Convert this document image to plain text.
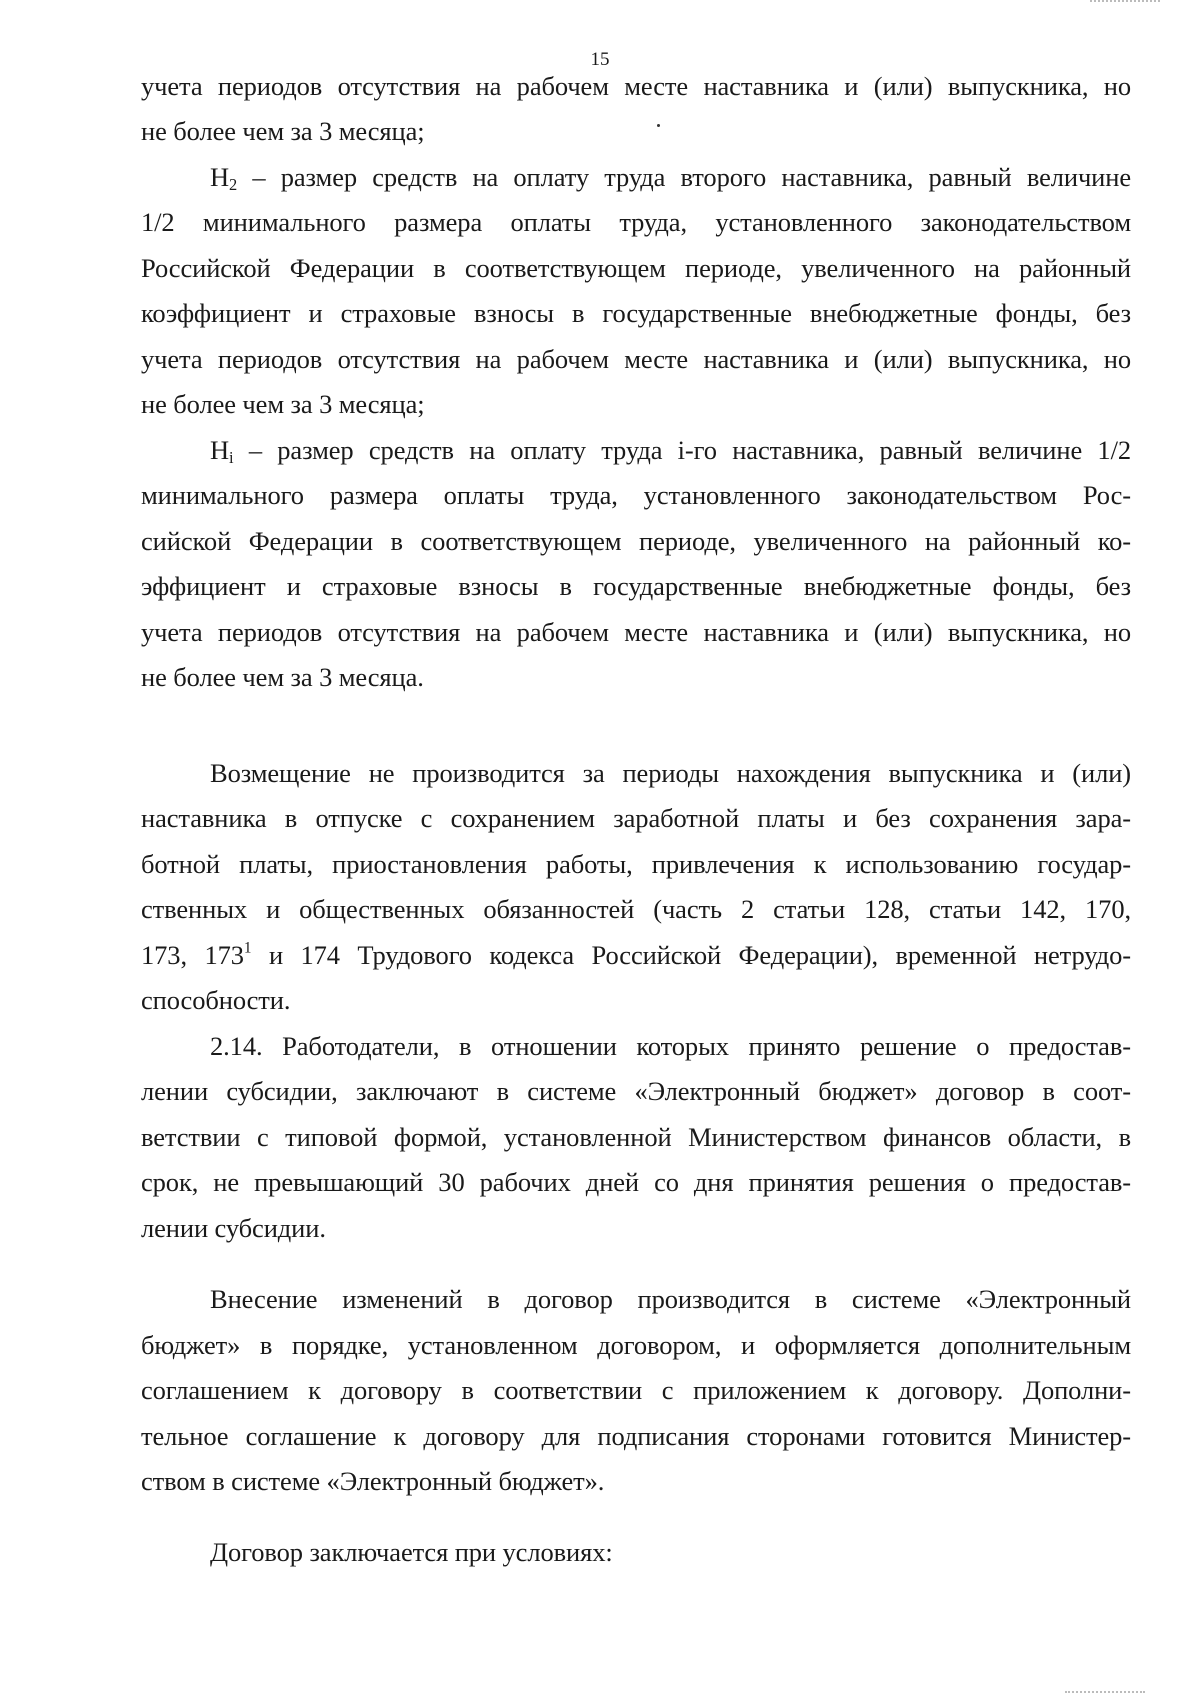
15
учета периодов отсутствия на рабочем месте наставника и (или) выпускника, но
не более чем за 3 месяца;
$Н_2$ – размер средств на оплату труда второго наставника, равный величине
1/2 минимального размера оплаты труда, установленного законодательством
Российской Федерации в соответствующем периоде, увеличенного на районный
коэффициент и страховые взносы в государственные внебюджетные фонды, без
учета периодов отсутствия на рабочем месте наставника и (или) выпускника, но
не более чем за 3 месяца;
$Н_i$ – размер средств на оплату труда i-го наставника, равный величине 1/2
минимального размера оплаты труда, установленного законодательством Рос-
сийской Федерации в соответствующем периоде, увеличенного на районный ко-
эффициент и страховые взносы в государственные внебюджетные фонды, без
учета периодов отсутствия на рабочем месте наставника и (или) выпускника, но
не более чем за 3 месяца.
Возмещение не производится за периоды нахождения выпускника и (или)
наставника в отпуске с сохранением заработной платы и без сохранения зара-
ботной платы, приостановления работы, привлечения к использованию государ-
ственных и общественных обязанностей (часть 2 статьи 128, статьи 142, 170,
173, $173^1$ и 174 Трудового кодекса Российской Федерации), временной нетрудо-
способности.
2.14. Работодатели, в отношении которых принято решение о предостав-
лении субсидии, заключают в системе «Электронный бюджет» договор в соот-
ветствии с типовой формой, установленной Министерством финансов области, в
срок, не превышающий 30 рабочих дней со дня принятия решения о предостав-
лении субсидии.
Внесение изменений в договор производится в системе «Электронный
бюджет» в порядке, установленном договором, и оформляется дополнительным
соглашением к договору в соответствии с приложением к договору. Дополни-
тельное соглашение к договору для подписания сторонами готовится Министер-
ством в системе «Электронный бюджет».
Договор заключается при условиях:
